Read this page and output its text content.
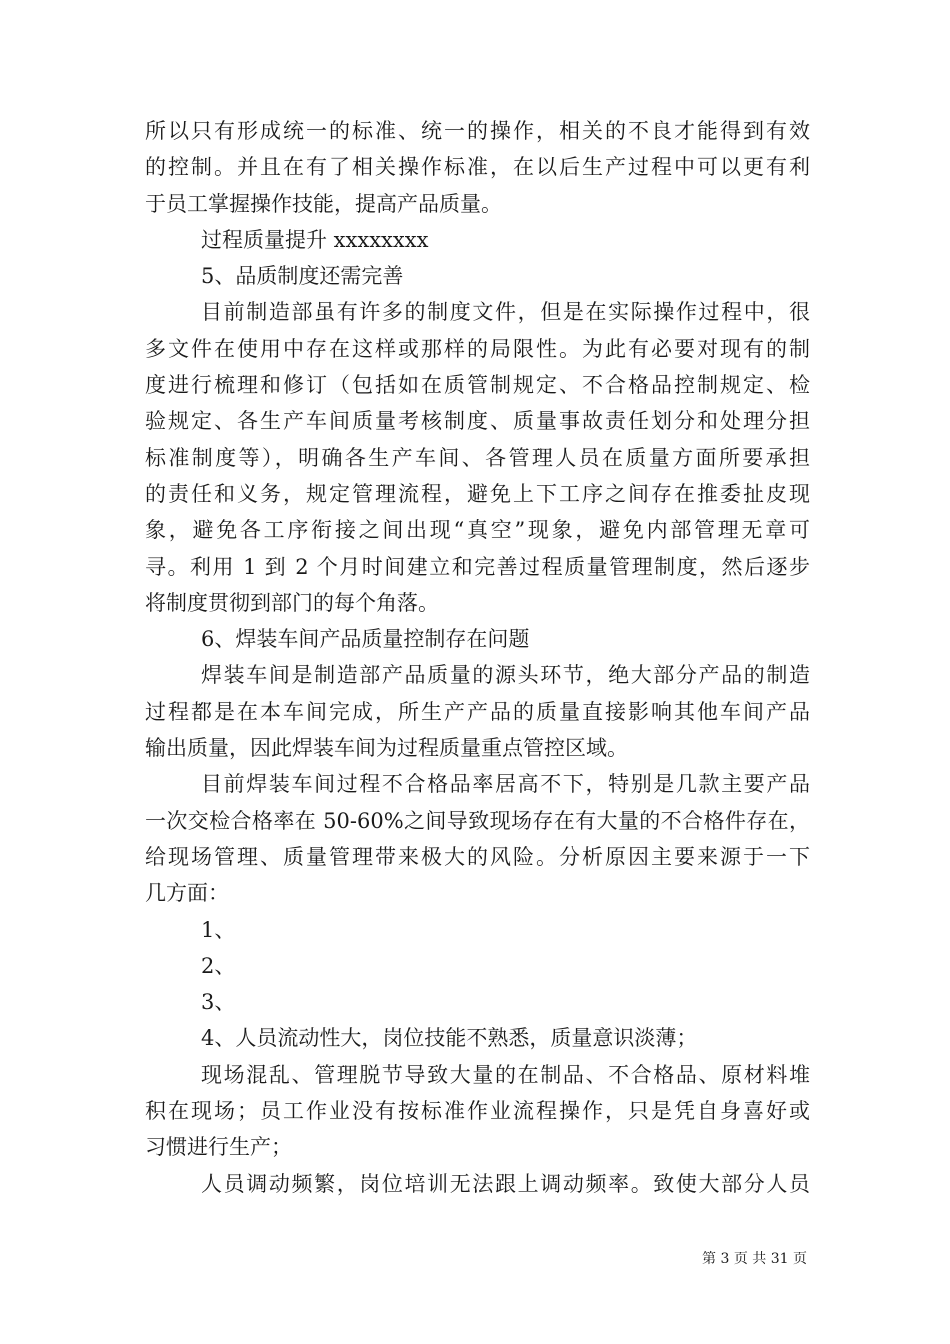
所以只有形成统一的标准、统一的操作，相关的不良才能得到有效
的控制。并且在有了相关操作标准，在以后生产过程中可以更有利
于员工掌握操作技能，提高产品质量。
过程质量提升 xxxxxxxx
5、品质制度还需完善
目前制造部虽有许多的制度文件，但是在实际操作过程中，很
多文件在使用中存在这样或那样的局限性。为此有必要对现有的制
度进行梳理和修订（包括如在质管制规定、不合格品控制规定、检
验规定、各生产车间质量考核制度、质量事故责任划分和处理分担
标准制度等），明确各生产车间、各管理人员在质量方面所要承担
的责任和义务，规定管理流程，避免上下工序之间存在推委扯皮现
象，避免各工序衔接之间出现“真空”现象，避免内部管理无章可
寻。利用 1 到 2 个月时间建立和完善过程质量管理制度，然后逐步
将制度贯彻到部门的每个角落。
6、焊装车间产品质量控制存在问题
焊装车间是制造部产品质量的源头环节，绝大部分产品的制造
过程都是在本车间完成，所生产产品的质量直接影响其他车间产品
输出质量，因此焊装车间为过程质量重点管控区域。
目前焊装车间过程不合格品率居高不下，特别是几款主要产品
一次交检合格率在 50-60%之间导致现场存在有大量的不合格件存在，
给现场管理、质量管理带来极大的风险。分析原因主要来源于一下
几方面：
1、
2、
3、
4、人员流动性大，岗位技能不熟悉，质量意识淡薄；
现场混乱、管理脱节导致大量的在制品、不合格品、原材料堆
积在现场；员工作业没有按标准作业流程操作，只是凭自身喜好或
习惯进行生产；
人员调动频繁，岗位培训无法跟上调动频率。致使大部分人员
第 3 页 共 31 页
